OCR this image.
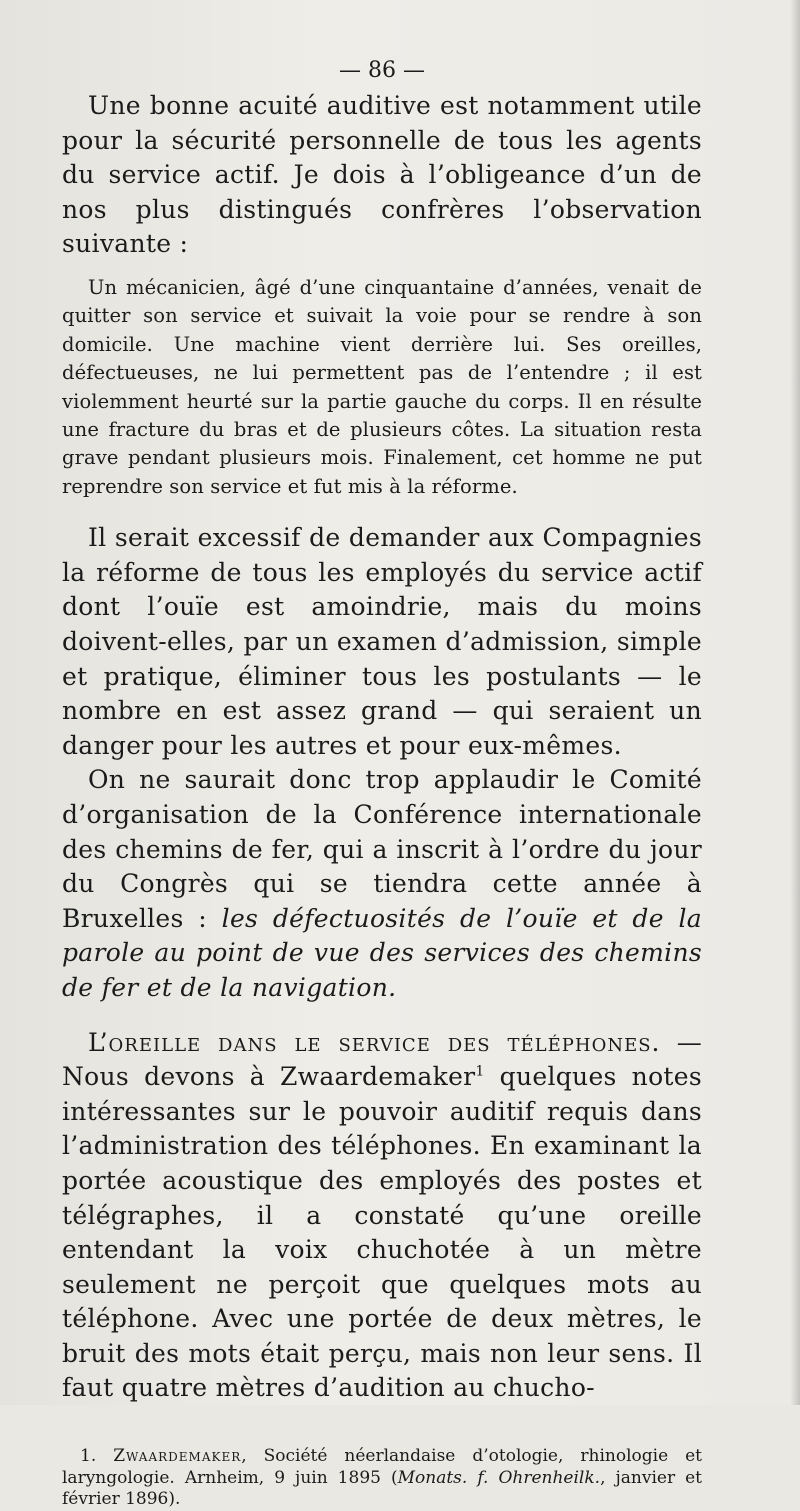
— 86 —

Une bonne acuité auditive est notamment utile pour la sécurité personnelle de tous les agents du service actif. Je dois à l’obligeance d’un de nos plus distingués confrères l’observation suivante :

Un mécanicien, âgé d’une cinquantaine d’années, venait de quitter son service et suivait la voie pour se rendre à son domicile. Une machine vient derrière lui. Ses oreilles, défectueuses, ne lui permettent pas de l’entendre ; il est violemment heurté sur la partie gauche du corps. Il en résulte une fracture du bras et de plusieurs côtes. La situation resta grave pendant plusieurs mois. Finalement, cet homme ne put reprendre son service et fut mis à la réforme.

Il serait excessif de demander aux Compagnies la réforme de tous les employés du service actif dont l’ouïe est amoindrie, mais du moins doivent-elles, par un examen d’admission, simple et pratique, éliminer tous les postulants — le nombre en est assez grand — qui seraient un danger pour les autres et pour eux-mêmes.

On ne saurait donc trop applaudir le Comité d’organisation de la Conférence internationale des chemins de fer, qui a inscrit à l’ordre du jour du Congrès qui se tiendra cette année à Bruxelles : les défectuosités de l’ouïe et de la parole au point de vue des services des chemins de fer et de la navigation.

L’oreille dans le service des téléphones. — Nous devons à Zwaardemaker$^1$ quelques notes intéressantes sur le pouvoir auditif requis dans l’administration des téléphones. En examinant la portée acoustique des employés des postes et télégraphes, il a constaté qu’une oreille entendant la voix chuchotée à un mètre seulement ne perçoit que quelques mots au téléphone. Avec une portée de deux mètres, le bruit des mots était perçu, mais non leur sens. Il faut quatre mètres d’audition au chucho-

1. Zwaardemaker, Société néerlandaise d’otologie, rhinologie et laryngologie. Arnheim, 9 juin 1895 (Monats. f. Ohrenheilk., janvier et février 1896).
